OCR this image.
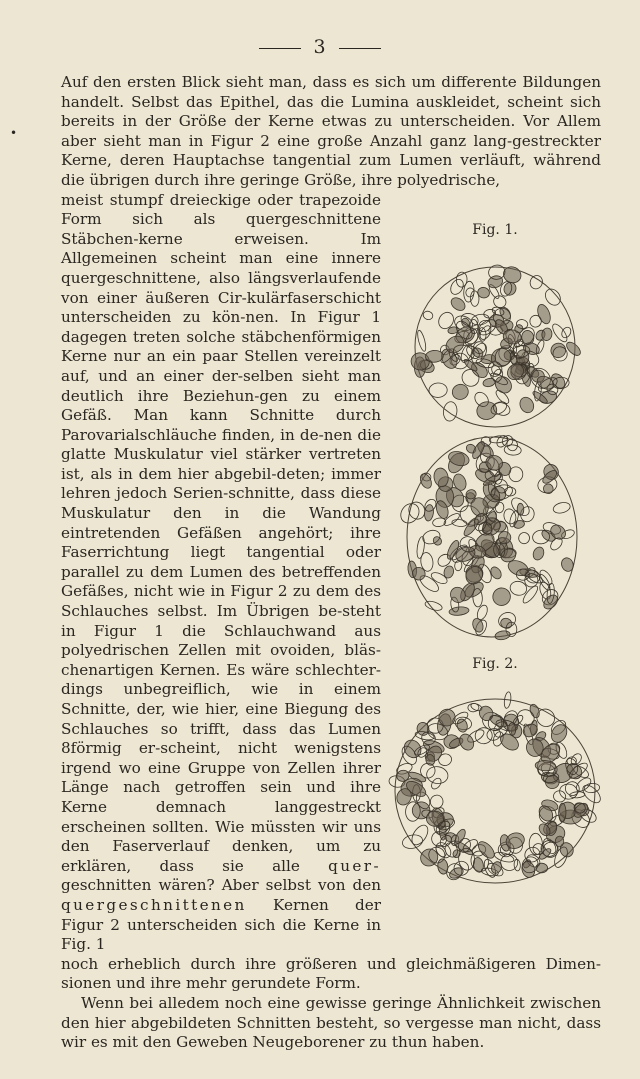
3
•

Auf den ersten Blick sieht man, dass es sich um differente Bildungen handelt. Selbst das Epithel, das die Lumina auskleidet, scheint sich bereits in der Größe der Kerne etwas zu unterscheiden. Vor Allem aber sieht man in Figur 2 eine große Anzahl ganz lang-gestreckter Kerne, deren Hauptachse tangential zum Lumen verläuft, während die übrigen durch ihre geringe Größe, ihre polyedrische,

meist stumpf dreieckige oder trapezoide Form sich als quergeschnittene Stäbchen-kerne erweisen. Im Allgemeinen scheint man eine innere quergeschnittene, also längsverlaufende von einer äußeren Cir-kulärfaserschicht unterscheiden zu kön-nen. In Figur 1 dagegen treten solche stäbchenförmigen Kerne nur an ein paar Stellen vereinzelt auf, und an einer der-selben sieht man deutlich ihre Beziehun-gen zu einem Gefäß. Man kann Schnitte durch Parovarialschläuche finden, in de-nen die glatte Muskulatur viel stärker vertreten ist, als in dem hier abgebil-deten; immer lehren jedoch Serien-schnitte, dass diese Muskulatur den in die Wandung eintretenden Gefäßen angehört; ihre Faserrichtung liegt tangential oder parallel zu dem Lumen des betreffenden Gefäßes, nicht wie in Figur 2 zu dem des Schlauches selbst. Im Übrigen be-steht in Figur 1 die Schlauchwand aus polyedrischen Zellen mit ovoiden, bläs-chenartigen Kernen. Es wäre schlechter-dings unbegreiflich, wie in einem Schnitte, der, wie hier, eine Biegung des Schlauches so trifft, dass das Lumen 8förmig er-scheint, nicht wenigstens irgend wo eine Gruppe von Zellen ihrer Länge nach getroffen sein und ihre Kerne demnach langgestreckt erscheinen sollten. Wie müssten wir uns den Faserverlauf denken, um zu erklären, dass sie alle quer- geschnitten wären? Aber selbst von den quergeschnittenen Kernen der Figur 2 unterscheiden sich die Kerne in Fig. 1
noch erheblich durch ihre größeren und gleichmäßigeren Dimen-sionen und ihre mehr gerundete Form.

Wenn bei alledem noch eine gewisse geringe Ähnlichkeit zwischen den hier abgebildeten Schnitten besteht, so vergesse man nicht, dass wir es mit den Geweben Neugeborener zu thun haben.

Fig. 1.
Fig. 2.
